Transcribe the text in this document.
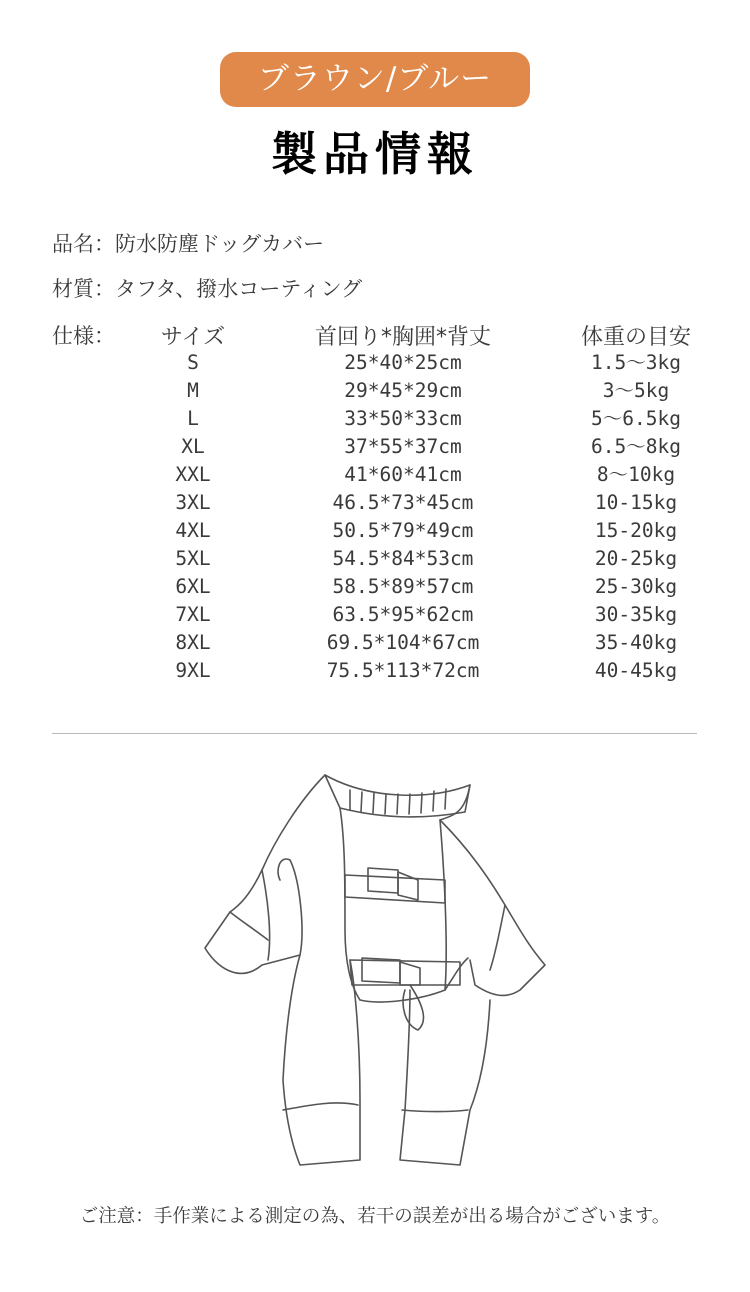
ブラウン/ブルー
製品情報
品名：防水防塵ドッグカバー
材質：タフタ、撥水コーティング
仕様：	サイズ	首回り*胸囲*背丈	体重の目安
S	25*40*25cm	1.5～3kg
M	29*45*29cm	3～5kg
L	33*50*33cm	5～6.5kg
XL	37*55*37cm	6.5～8kg
XXL	41*60*41cm	8～10kg
3XL	46.5*73*45cm	10-15kg
4XL	50.5*79*49cm	15-20kg
5XL	54.5*84*53cm	20-25kg
6XL	58.5*89*57cm	25-30kg
7XL	63.5*95*62cm	30-35kg
8XL	69.5*104*67cm	35-40kg
9XL	75.5*113*72cm	40-45kg
ご注意：手作業による測定の為、若干の誤差が出る場合がございます。
